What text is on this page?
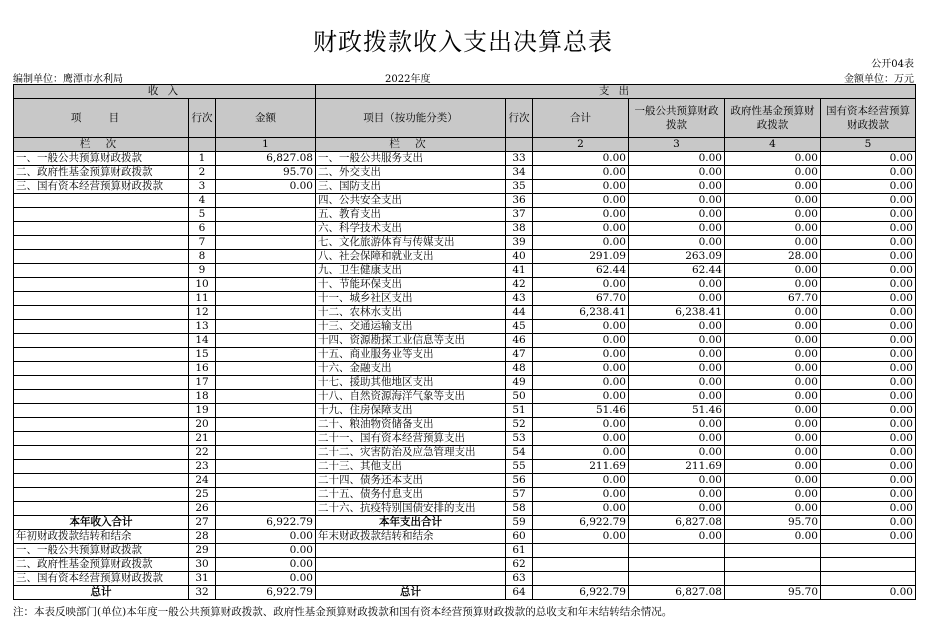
财政拨款收入支出决算总表
公开04表
编制单位：鹰潭市水利局	2022年度	金额单位：万元
收 入			支 出					
项 目	行次	金额	项目（按功能分类）	行次	合计	一般公共预算财政拨款	政府性基金预算财政拨款	国有资本经营预算财政拨款
栏 次		1	栏 次		2	3	4	5
一、一般公共预算财政拨款	1	6,827.08	一、一般公共服务支出	33	0.00	0.00	0.00	0.00
二、政府性基金预算财政拨款	2	95.70	二、外交支出	34	0.00	0.00	0.00	0.00
三、国有资本经营预算财政拨款	3	0.00	三、国防支出	35	0.00	0.00	0.00	0.00
	4		四、公共安全支出	36	0.00	0.00	0.00	0.00
	5		五、教育支出	37	0.00	0.00	0.00	0.00
	6		六、科学技术支出	38	0.00	0.00	0.00	0.00
	7		七、文化旅游体育与传媒支出	39	0.00	0.00	0.00	0.00
	8		八、社会保障和就业支出	40	291.09	263.09	28.00	0.00
	9		九、卫生健康支出	41	62.44	62.44	0.00	0.00
	10		十、节能环保支出	42	0.00	0.00	0.00	0.00
	11		十一、城乡社区支出	43	67.70	0.00	67.70	0.00
	12		十二、农林水支出	44	6,238.41	6,238.41	0.00	0.00
	13		十三、交通运输支出	45	0.00	0.00	0.00	0.00
	14		十四、资源勘探工业信息等支出	46	0.00	0.00	0.00	0.00
	15		十五、商业服务业等支出	47	0.00	0.00	0.00	0.00
	16		十六、金融支出	48	0.00	0.00	0.00	0.00
	17		十七、援助其他地区支出	49	0.00	0.00	0.00	0.00
	18		十八、自然资源海洋气象等支出	50	0.00	0.00	0.00	0.00
	19		十九、住房保障支出	51	51.46	51.46	0.00	0.00
	20		二十、粮油物资储备支出	52	0.00	0.00	0.00	0.00
	21		二十一、国有资本经营预算支出	53	0.00	0.00	0.00	0.00
	22		二十二、灾害防治及应急管理支出	54	0.00	0.00	0.00	0.00
	23		二十三、其他支出	55	211.69	211.69	0.00	0.00
	24		二十四、债务还本支出	56	0.00	0.00	0.00	0.00
	25		二十五、债务付息支出	57	0.00	0.00	0.00	0.00
	26		二十六、抗疫特别国债安排的支出	58	0.00	0.00	0.00	0.00
本年收入合计	27	6,922.79	本年支出合计	59	6,922.79	6,827.08	95.70	0.00
年初财政拨款结转和结余	28	0.00	年末财政拨款结转和结余	60	0.00	0.00	0.00	0.00
一、一般公共预算财政拨款	29	0.00		61				
二、政府性基金预算财政拨款	30	0.00		62				
三、国有资本经营预算财政拨款	31	0.00		63				
总计	32	6,922.79	总计	64	6,922.79	6,827.08	95.70	0.00
注：本表反映部门(单位)本年度一般公共预算财政拨款、政府性基金预算财政拨款和国有资本经营预算财政拨款的总收支和年末结转结余情况。
